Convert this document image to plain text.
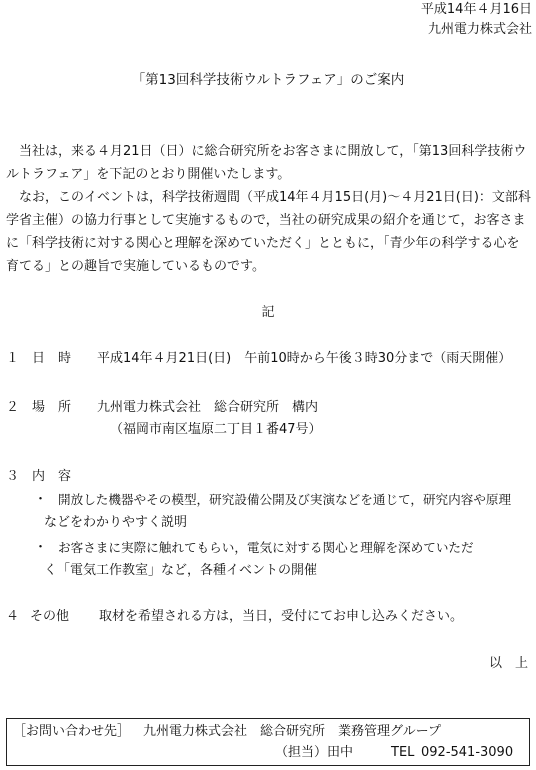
平成14年４月16日
九州電力株式会社
「第13回科学技術ウルトラフェア」のご案内

当社は，来る４月21日（日）に総合研究所をお客さまに開放して，「第13回科学技術ウルトラフェア」を下記のとおり開催いたします。

なお，このイベントは，科学技術週間（平成14年４月15日(月)～４月21日(日)：文部科学省主催）の協力行事として実施するもので，当社の研究成果の紹介を通じて，お客さまに「科学技術に対する関心と理解を深めていただく」とともに，「青少年の科学する心を育てる」との趣旨で実施しているものです。

記
１ 日　時 平成14年４月21日(日)　午前10時から午後３時30分まで（雨天開催）
２ 場　所 九州電力株式会社　総合研究所　構内
（福岡市南区塩原二丁目１番47号）
３ 内　容
・ 開放した機器やその模型，研究設備公開及び実演などを通じて，研究内容や原理
などをわかりやすく説明
・ お客さまに実際に触れてもらい，電気に対する関心と理解を深めていただ
く「電気工作教室」など，各種イベントの開催
４ その他 取材を希望される方は，当日，受付にてお申し込みください。
以　上
［お問い合わせ先］ 九州電力株式会社　総合研究所　業務管理グループ
（担当）田中	TEL 092-541-3090
